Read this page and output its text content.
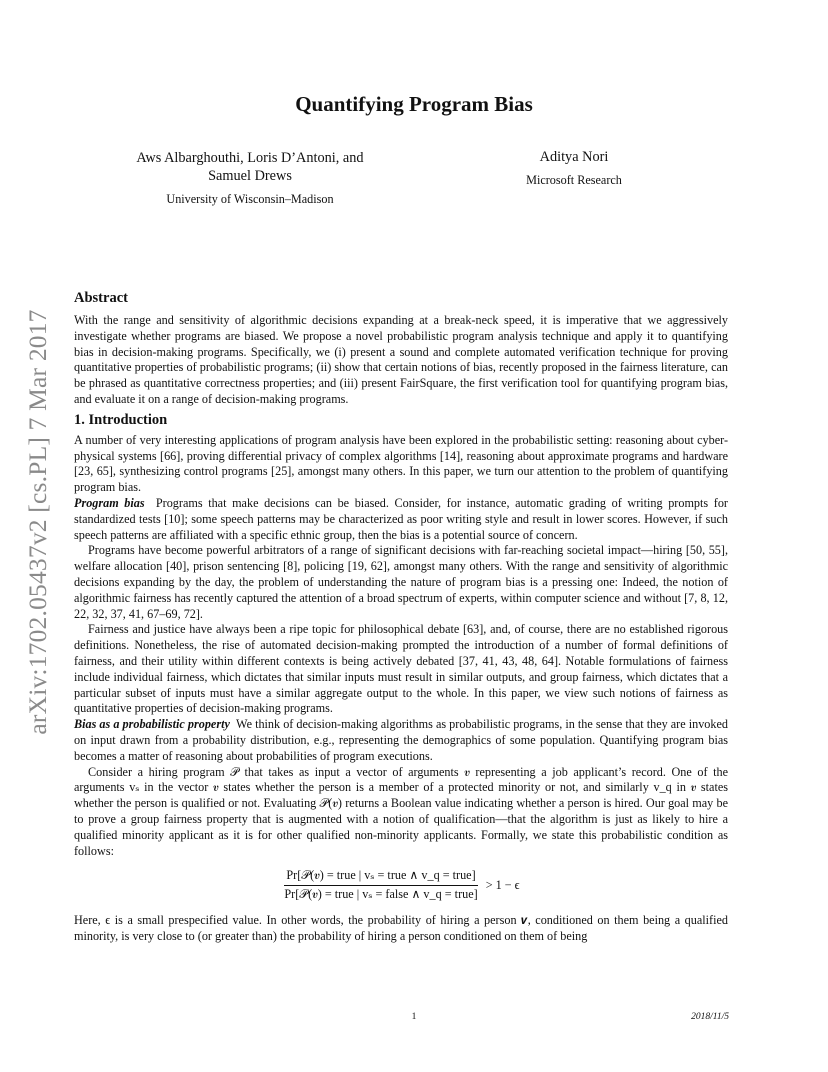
arXiv:1702.05437v2 [cs.PL] 7 Mar 2017
Quantifying Program Bias
Aws Albarghouthi, Loris D’Antoni, and
Samuel Drews
University of Wisconsin–Madison
Aditya Nori
Microsoft Research
Abstract

With the range and sensitivity of algorithmic decisions expanding at a break-neck speed, it is imperative that we aggressively investigate whether programs are biased. We propose a novel probabilistic program analysis technique and apply it to quantifying bias in decision-making programs. Specifically, we (i) present a sound and complete automated verification technique for proving quantitative properties of probabilistic programs; (ii) show that certain notions of bias, recently proposed in the fairness literature, can be phrased as quantitative correctness properties; and (iii) present FairSquare, the first verification tool for quantifying program bias, and evaluate it on a range of decision-making programs.

1. Introduction

A number of very interesting applications of program analysis have been explored in the probabilistic setting: reasoning about cyber-physical systems [66], proving differential privacy of complex algorithms [14], reasoning about approximate programs and hardware [23, 65], synthesizing control programs [25], amongst many others. In this paper, we turn our attention to the problem of quantifying program bias.

Program bias Programs that make decisions can be biased. Consider, for instance, automatic grading of writing prompts for standardized tests [10]; some speech patterns may be characterized as poor writing style and result in lower scores. However, if such speech patterns are affiliated with a specific ethnic group, then the bias is a potential source of concern.

Programs have become powerful arbitrators of a range of significant decisions with far-reaching societal impact—hiring [50, 55], welfare allocation [40], prison sentencing [8], policing [19, 62], amongst many others. With the range and sensitivity of algorithmic decisions expanding by the day, the problem of understanding the nature of program bias is a pressing one: Indeed, the notion of algorithmic fairness has recently captured the attention of a broad spectrum of experts, within computer science and without [7, 8, 12, 22, 32, 37, 41, 67–69, 72].

Fairness and justice have always been a ripe topic for philosophical debate [63], and, of course, there are no established rigorous definitions. Nonetheless, the rise of automated decision-making prompted the introduction of a number of formal definitions of fairness, and their utility within different contexts is being actively debated [37, 41, 43, 48, 64]. Notable formulations of fairness include individual fairness, which dictates that similar inputs must result in similar outputs, and group fairness, which dictates that a particular subset of inputs must have a similar aggregate output to the whole. In this paper, we view such notions of fairness as quantitative properties of decision-making programs.

Bias as a probabilistic property We think of decision-making algorithms as probabilistic programs, in the sense that they are invoked on input drawn from a probability distribution, e.g., representing the demographics of some population. Quantifying program bias becomes a matter of reasoning about probabilities of program executions.

Consider a hiring program 𝒫 that takes as input a vector of arguments 𝒗 representing a job applicant’s record. One of the arguments vₛ in the vector 𝒗 states whether the person is a member of a protected minority or not, and similarly v_q in 𝒗 states whether the person is qualified or not. Evaluating 𝒫(𝒗) returns a Boolean value indicating whether a person is hired. Our goal may be to prove a group fairness property that is augmented with a notion of qualification—that the algorithm is just as likely to hire a qualified minority applicant as it is for other qualified non-minority applicants. Formally, we state this probabilistic condition as follows:

$\frac{\text{Pr[𝒫(𝒗) = true | vₛ = true ∧ v\_q = true]}}{\text{Pr[𝒫(𝒗) = true | vₛ = false ∧ v\_q = true]}} > 1 - \epsilon$

Here, ϵ is a small prespecified value. In other words, the probability of hiring a person 𝒗, conditioned on them being a qualified minority, is very close to (or greater than) the probability of hiring a person conditioned on them of being

1	2018/11/5
